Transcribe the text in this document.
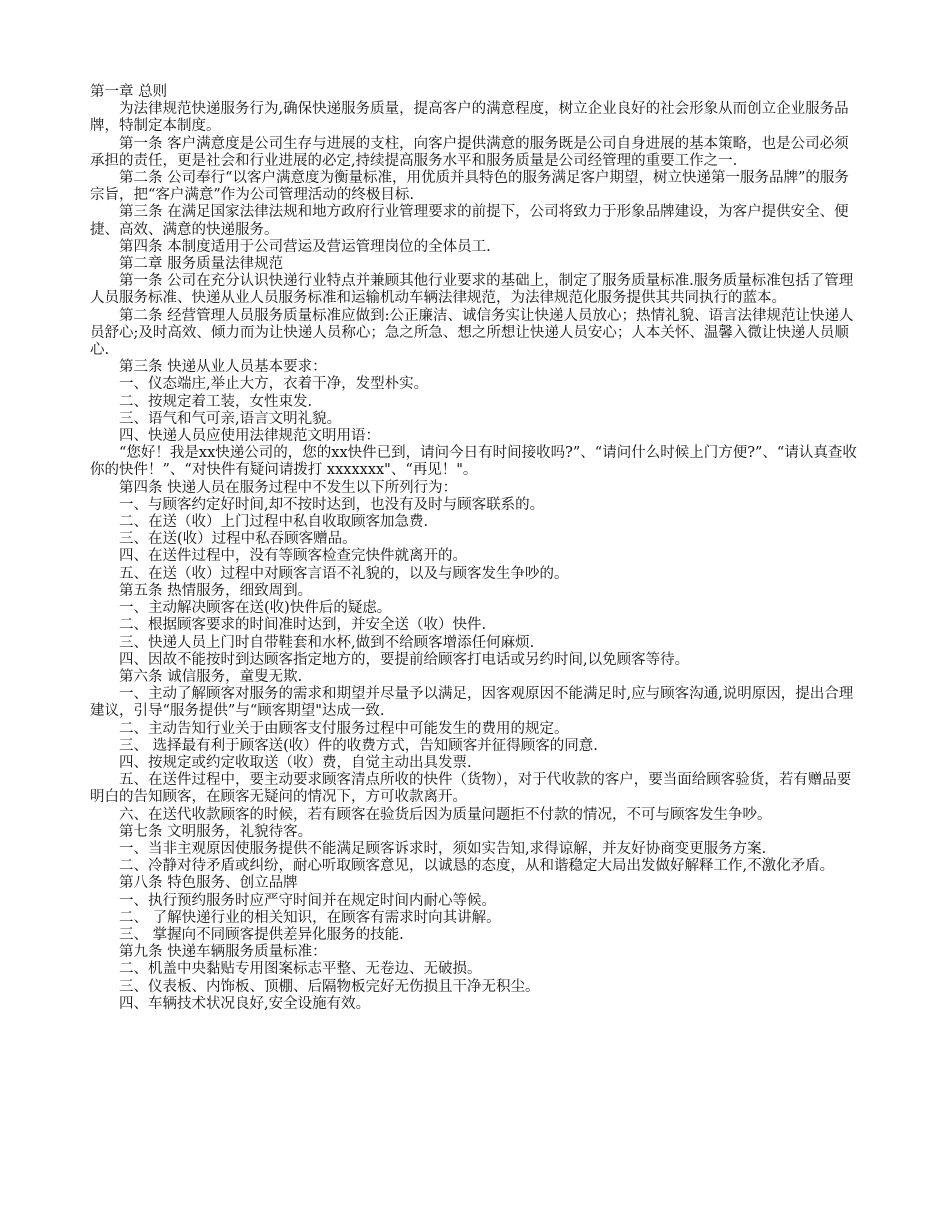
第一章 总则

为法律规范快递服务行为,确保快递服务质量，提高客户的满意程度，树立企业良好的社会形象从而创立企业服务品牌，特制定本制度。

第一条 客户满意度是公司生存与进展的支柱，向客户提供满意的服务既是公司自身进展的基本策略，也是公司必须承担的责任，更是社会和行业进展的必定,持续提高服务水平和服务质量是公司经管理的重要工作之一.

第二条 公司奉行“以客户满意度为衡量标准，用优质并具特色的服务满足客户期望，树立快递第一服务品牌”的服务宗旨，把“客户满意”作为公司管理活动的终极目标.

第三条 在满足国家法律法规和地方政府行业管理要求的前提下，公司将致力于形象品牌建设，为客户提供安全、便捷、高效、满意的快递服务。

第四条 本制度适用于公司营运及营运管理岗位的全体员工.

第二章 服务质量法律规范

第一条 公司在充分认识快递行业特点并兼顾其他行业要求的基础上，制定了服务质量标准.服务质量标准包括了管理人员服务标准、快递从业人员服务标准和运输机动车辆法律规范，为法律规范化服务提供其共同执行的蓝本。

第二条 经营管理人员服务质量标准应做到:公正廉洁、诚信务实让快递人员放心；热情礼貌、语言法律规范让快递人员舒心;及时高效、倾力而为让快递人员称心；急之所急、想之所想让快递人员安心；人本关怀、温馨入微让快递人员顺心.

第三条 快递从业人员基本要求：

一、仪态端庄,举止大方，衣着干净，发型朴实。

二、按规定着工装，女性束发.

三、语气和气可亲,语言文明礼貌。

四、快递人员应使用法律规范文明用语：

“您好！我是xx快递公司的，您的xx快件已到，请问今日有时间接收吗?”、“请问什么时候上门方便?”、“请认真查收你的快件！”、“对快件有疑问请拨打 xxxxxxx"、“再见！"。

第四条 快递人员在服务过程中不发生以下所列行为：

一、与顾客约定好时间,却不按时达到，也没有及时与顾客联系的。

二、在送（收）上门过程中私自收取顾客加急费.

三、在送(收）过程中私吞顾客赠品。

四、在送件过程中，没有等顾客检查完快件就离开的。

五、在送（收）过程中对顾客言语不礼貌的，以及与顾客发生争吵的。

第五条 热情服务，细致周到。

一、主动解决顾客在送(收)快件后的疑虑。

二、根据顾客要求的时间准时达到，并安全送（收）快件.

三、快递人员上门时自带鞋套和水杯,做到不给顾客增添任何麻烦.

四、因故不能按时到达顾客指定地方的，要提前给顾客打电话或另约时间,以免顾客等待。

第六条 诚信服务，童叟无欺.

一、主动了解顾客对服务的需求和期望并尽量予以满足，因客观原因不能满足时,应与顾客沟通,说明原因，提出合理建议，引导“服务提供”与“顾客期望"达成一致.

二、主动告知行业关于由顾客支付服务过程中可能发生的费用的规定。

三、 选择最有利于顾客送(收）件的收费方式，告知顾客并征得顾客的同意.

四、按规定或约定收取送（收）费，自觉主动出具发票.

五、在送件过程中，要主动要求顾客清点所收的快件（货物），对于代收款的客户，要当面给顾客验货，若有赠品要明白的告知顾客，在顾客无疑问的情况下，方可收款离开。

六、在送代收款顾客的时候，若有顾客在验货后因为质量问题拒不付款的情况，不可与顾客发生争吵。

第七条 文明服务，礼貌待客。

一、当非主观原因使服务提供不能满足顾客诉求时，须如实告知,求得谅解，并友好协商变更服务方案.

二、冷静对待矛盾或纠纷，耐心听取顾客意见，以诚恳的态度，从和谐稳定大局出发做好解释工作,不激化矛盾。

第八条 特色服务、创立品牌

一、执行预约服务时应严守时间并在规定时间内耐心等候。

二、 了解快递行业的相关知识，在顾客有需求时向其讲解。

三、 掌握向不同顾客提供差异化服务的技能.

第九条 快递车辆服务质量标准：

二、机盖中央黏贴专用图案标志平整、无卷边、无破损。

三、仪表板、内饰板、顶棚、后隔物板完好无伤损且干净无积尘。

四、车辆技术状况良好,安全设施有效。
